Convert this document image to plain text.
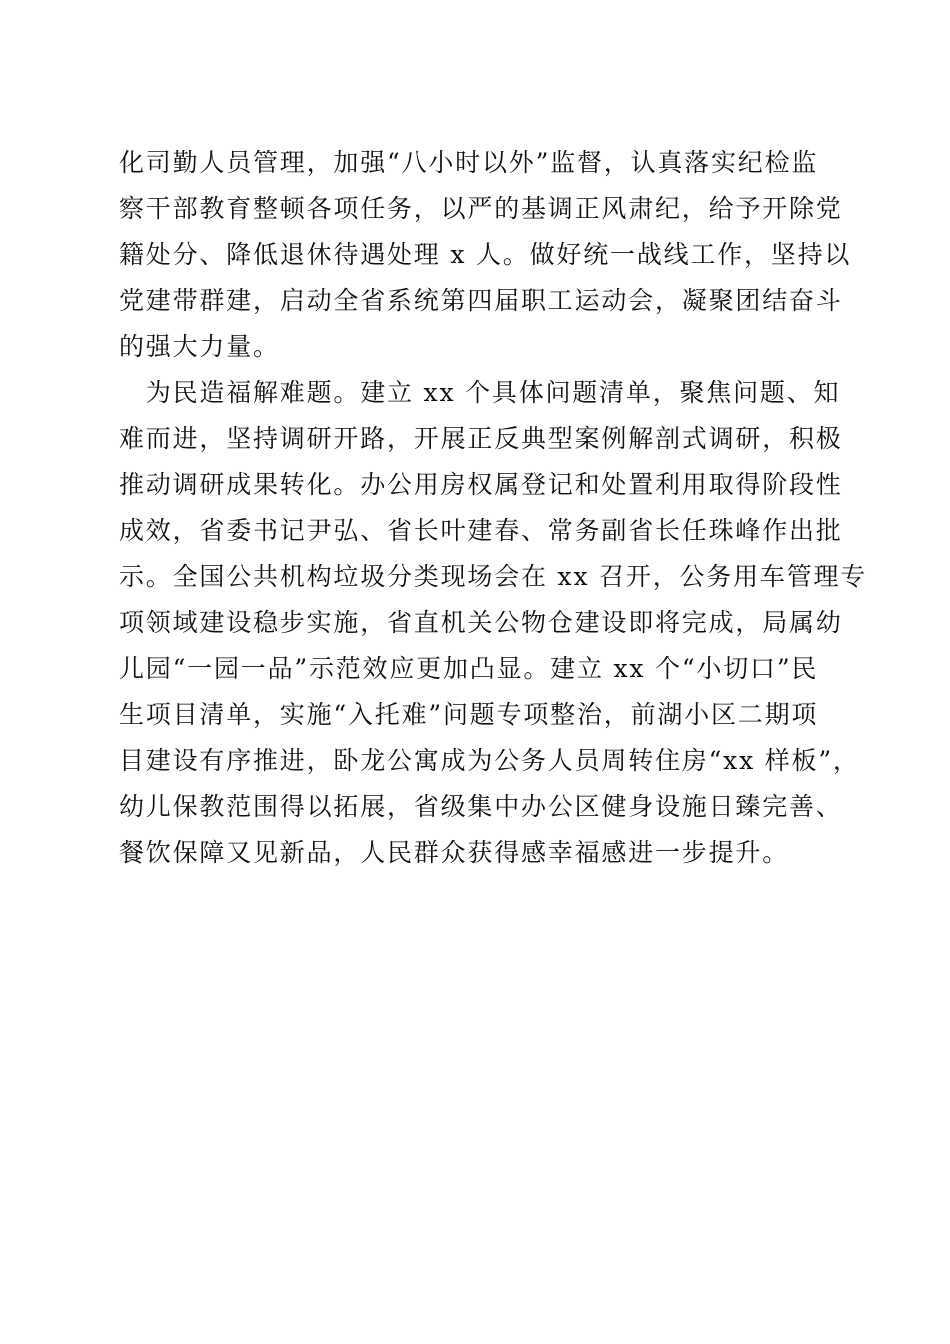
化司勤人员管理，加强“八小时以外”监督，认真落实纪检监
察干部教育整顿各项任务，以严的基调正风肃纪，给予开除党
籍处分、降低退休待遇处理 x 人。做好统一战线工作，坚持以
党建带群建，启动全省系统第四届职工运动会，凝聚团结奋斗
的强大力量。
　为民造福解难题。建立 xx 个具体问题清单，聚焦问题、知
难而进，坚持调研开路，开展正反典型案例解剖式调研，积极
推动调研成果转化。办公用房权属登记和处置利用取得阶段性
成效，省委书记尹弘、省长叶建春、常务副省长任珠峰作出批
示。全国公共机构垃圾分类现场会在 xx 召开，公务用车管理专
项领域建设稳步实施，省直机关公物仓建设即将完成，局属幼
儿园“一园一品”示范效应更加凸显。建立 xx 个“小切口”民
生项目清单，实施“入托难”问题专项整治，前湖小区二期项
目建设有序推进，卧龙公寓成为公务人员周转住房“xx 样板”，
幼儿保教范围得以拓展，省级集中办公区健身设施日臻完善、
餐饮保障又见新品，人民群众获得感幸福感进一步提升。
